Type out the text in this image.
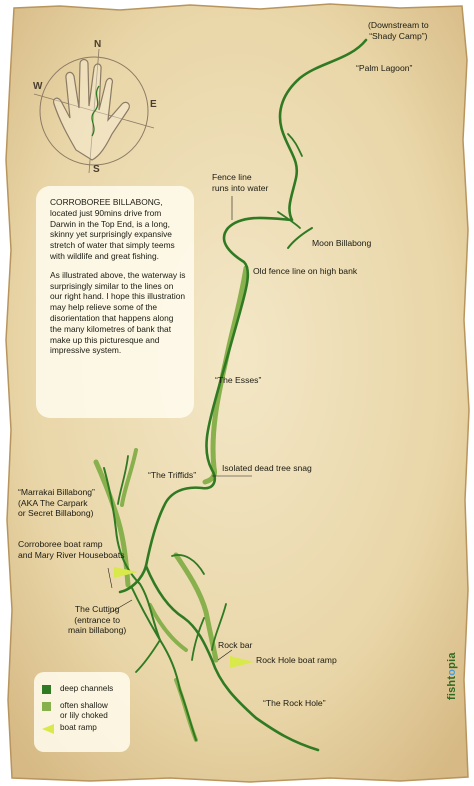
N
S
E
W
(Downstream to
“Shady Camp”)
“Palm Lagoon”
Fence line
runs into water
Moon Billabong
Old fence line on high bank
“The Esses”
“The Triffids”
Isolated dead tree snag
“Marrakai Billabong”
(AKA The Carpark
or Secret Billabong)
Corroboree boat ramp
and Mary River Houseboats
The Cutting
(entrance to
main billabong)
Rock bar
Rock Hole boat ramp
“The Rock Hole”

CORROBOREE BILLABONG, located just 90mins drive from Darwin in the Top End, is a long, skinny yet surprisingly expansive stretch of water that simply teems with wildlife and great fishing.

As illustrated above, the waterway is surprisingly similar to the lines on our right hand. I hope this illustration may help relieve some of the disorientation that happens along the many kilometres of bank that make up this picturesque and impressive system.

deep channels
often shallow
or lily choked
boat ramp
fishtopia
